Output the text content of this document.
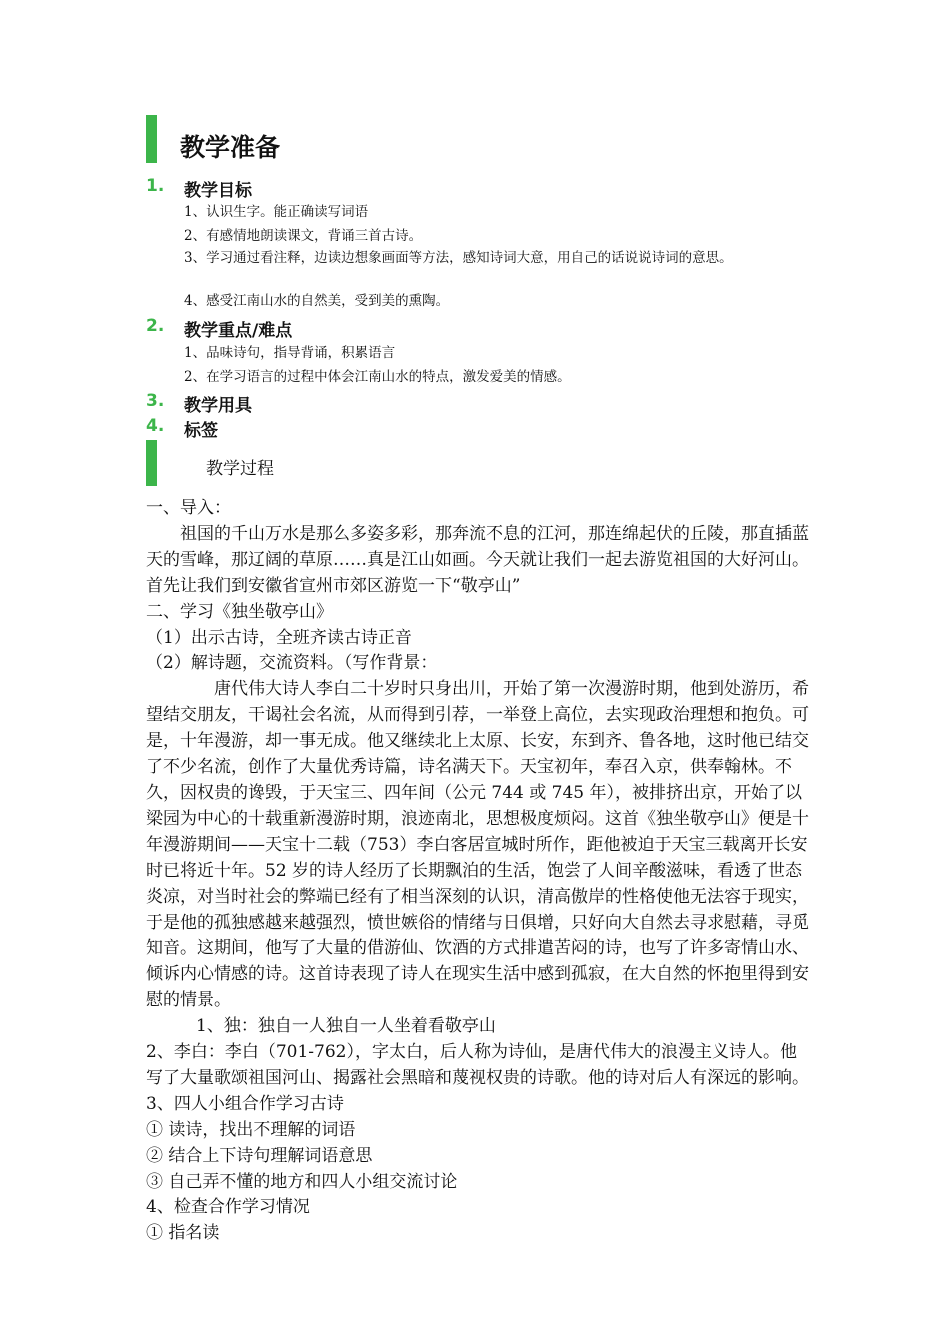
教学准备
1. 教学目标

1、认识生字。能正确读写词语

2、有感情地朗读课文，背诵三首古诗。

3、学习通过看注释，边读边想象画面等方法，感知诗词大意，用自己的话说说诗词的意思。

4、感受江南山水的自然美，受到美的熏陶。

2. 教学重点/难点

1、品味诗句，指导背诵，积累语言

2、在学习语言的过程中体会江南山水的特点，激发爱美的情感。

3. 教学用具
4. 标签
教学过程

一、导入：

祖国的千山万水是那么多姿多彩，那奔流不息的江河，那连绵起伏的丘陵，那直插蓝天的雪峰，那辽阔的草原……真是江山如画。今天就让我们一起去游览祖国的大好河山。首先让我们到安徽省宣州市郊区游览一下“敬亭山”

二、学习《独坐敬亭山》

（1）出示古诗，全班齐读古诗正音

（2）解诗题，交流资料。（写作背景：

唐代伟大诗人李白二十岁时只身出川，开始了第一次漫游时期，他到处游历，希望结交朋友，干谒社会名流，从而得到引荐，一举登上高位，去实现政治理想和抱负。可是，十年漫游，却一事无成。他又继续北上太原、长安，东到齐、鲁各地，这时他已结交了不少名流，创作了大量优秀诗篇，诗名满天下。天宝初年，奉召入京，供奉翰林。不久，因权贵的谗毁，于天宝三、四年间（公元 744 或 745 年），被排挤出京，开始了以梁园为中心的十载重新漫游时期，浪迹南北，思想极度烦闷。这首《独坐敬亭山》便是十年漫游期间——天宝十二载（753）李白客居宣城时所作，距他被迫于天宝三载离开长安时已将近十年。52 岁的诗人经历了长期飘泊的生活，饱尝了人间辛酸滋味，看透了世态炎凉，对当时社会的弊端已经有了相当深刻的认识，清高傲岸的性格使他无法容于现实，于是他的孤独感越来越强烈，愤世嫉俗的情绪与日俱增，只好向大自然去寻求慰藉，寻觅知音。这期间，他写了大量的借游仙、饮酒的方式排遣苦闷的诗，也写了许多寄情山水、倾诉内心情感的诗。这首诗表现了诗人在现实生活中感到孤寂，在大自然的怀抱里得到安慰的情景。

1、独：独自一人独自一人坐着看敬亭山

2、李白：李白（701-762），字太白，后人称为诗仙，是唐代伟大的浪漫主义诗人。他写了大量歌颂祖国河山、揭露社会黑暗和蔑视权贵的诗歌。他的诗对后人有深远的影响。

3、四人小组合作学习古诗

① 读诗，找出不理解的词语

② 结合上下诗句理解词语意思

③ 自己弄不懂的地方和四人小组交流讨论

4、检查合作学习情况

① 指名读
